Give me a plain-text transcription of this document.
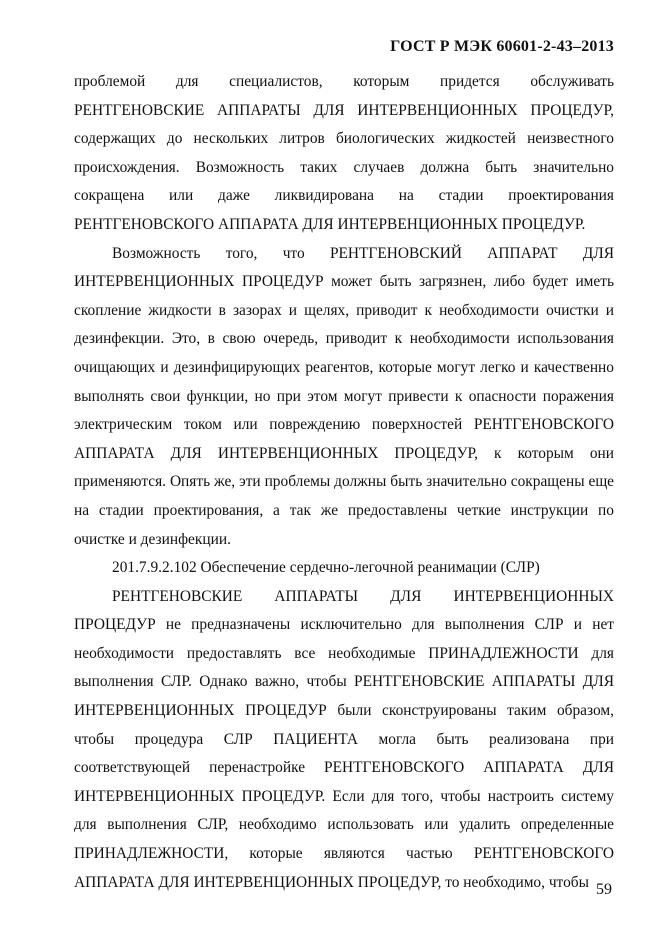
ГОСТ Р МЭК 60601-2-43–2013

проблемой для специалистов, которым придется обслуживать РЕНТГЕНОВСКИЕ АППАРАТЫ ДЛЯ ИНТЕРВЕНЦИОННЫХ ПРОЦЕДУР, содержащих до нескольких литров биологических жидкостей неизвестного происхождения. Возможность таких случаев должна быть значительно сокращена или даже ликвидирована на стадии проектирования РЕНТГЕНОВСКОГО АППАРАТА ДЛЯ ИНТЕРВЕНЦИОННЫХ ПРОЦЕДУР.

Возможность того, что РЕНТГЕНОВСКИЙ АППАРАТ ДЛЯ ИНТЕРВЕНЦИОННЫХ ПРОЦЕДУР может быть загрязнен, либо будет иметь скопление жидкости в зазорах и щелях, приводит к необходимости очистки и дезинфекции. Это, в свою очередь, приводит к необходимости использования очищающих и дезинфицирующих реагентов, которые могут легко и качественно выполнять свои функции, но при этом могут привести к опасности поражения электрическим током или повреждению поверхностей РЕНТГЕНОВСКОГО АППАРАТА ДЛЯ ИНТЕРВЕНЦИОННЫХ ПРОЦЕДУР, к которым они применяются. Опять же, эти проблемы должны быть значительно сокращены еще на стадии проектирования, а так же предоставлены четкие инструкции по очистке и дезинфекции.

201.7.9.2.102 Обеспечение сердечно-легочной реанимации (СЛР)

РЕНТГЕНОВСКИЕ АППАРАТЫ ДЛЯ ИНТЕРВЕНЦИОННЫХ ПРОЦЕДУР не предназначены исключительно для выполнения СЛР и нет необходимости предоставлять все необходимые ПРИНАДЛЕЖНОСТИ для выполнения СЛР. Однако важно, чтобы РЕНТГЕНОВСКИЕ АППАРАТЫ ДЛЯ ИНТЕРВЕНЦИОННЫХ ПРОЦЕДУР были сконструированы таким образом, чтобы процедура СЛР ПАЦИЕНТА могла быть реализована при соответствующей перенастройке РЕНТГЕНОВСКОГО АППАРАТА ДЛЯ ИНТЕРВЕНЦИОННЫХ ПРОЦЕДУР. Если для того, чтобы настроить систему для выполнения СЛР, необходимо использовать или удалить определенные ПРИНАДЛЕЖНОСТИ, которые являются частью РЕНТГЕНОВСКОГО АППАРАТА ДЛЯ ИНТЕРВЕНЦИОННЫХ ПРОЦЕДУР, то необходимо, чтобы 59
